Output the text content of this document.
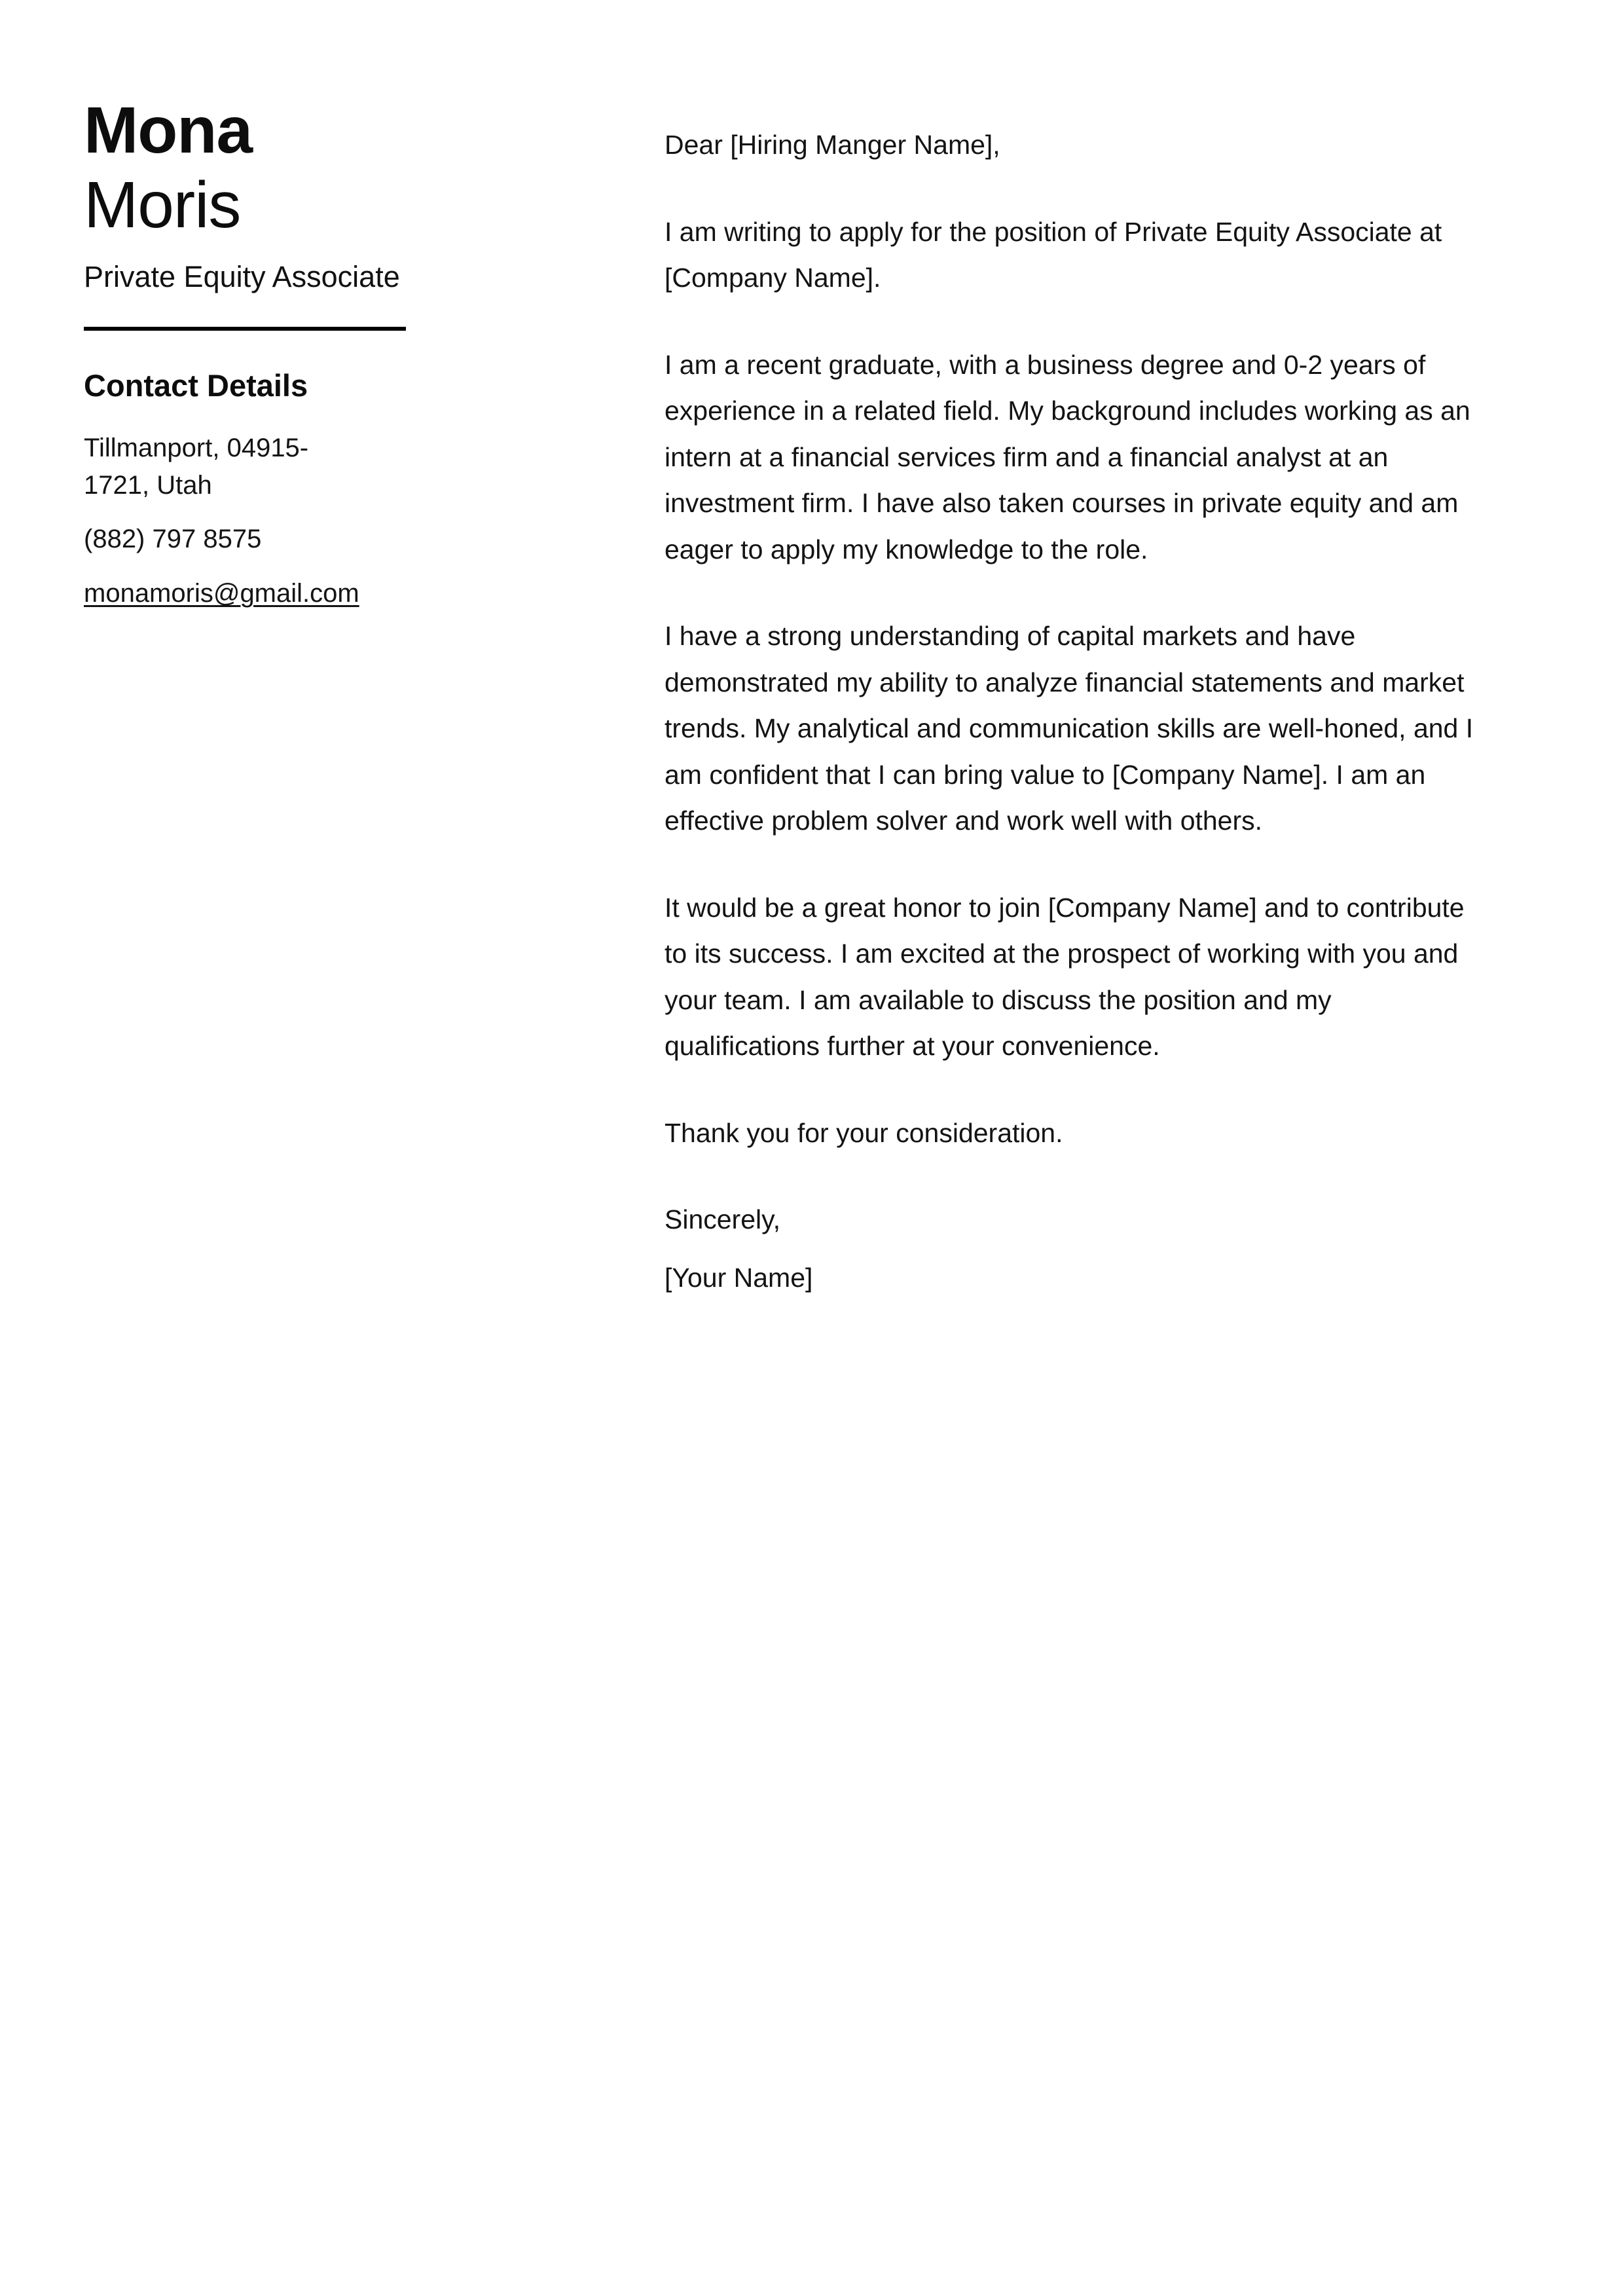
Mona
Moris
Private Equity Associate
Contact Details
Tillmanport, 04915-1721, Utah
(882) 797 8575
monamoris@gmail.com

Dear [Hiring Manger Name],

I am writing to apply for the position of Private Equity Associate at [Company Name].

I am a recent graduate, with a business degree and 0-2 years of experience in a related field. My background includes working as an intern at a financial services firm and a financial analyst at an investment firm. I have also taken courses in private equity and am eager to apply my knowledge to the role.

I have a strong understanding of capital markets and have demonstrated my ability to analyze financial statements and market trends. My analytical and communication skills are well-honed, and I am confident that I can bring value to [Company Name]. I am an effective problem solver and work well with others.

It would be a great honor to join [Company Name] and to contribute to its success. I am excited at the prospect of working with you and your team. I am available to discuss the position and my qualifications further at your convenience.

Thank you for your consideration.

Sincerely,

[Your Name]
